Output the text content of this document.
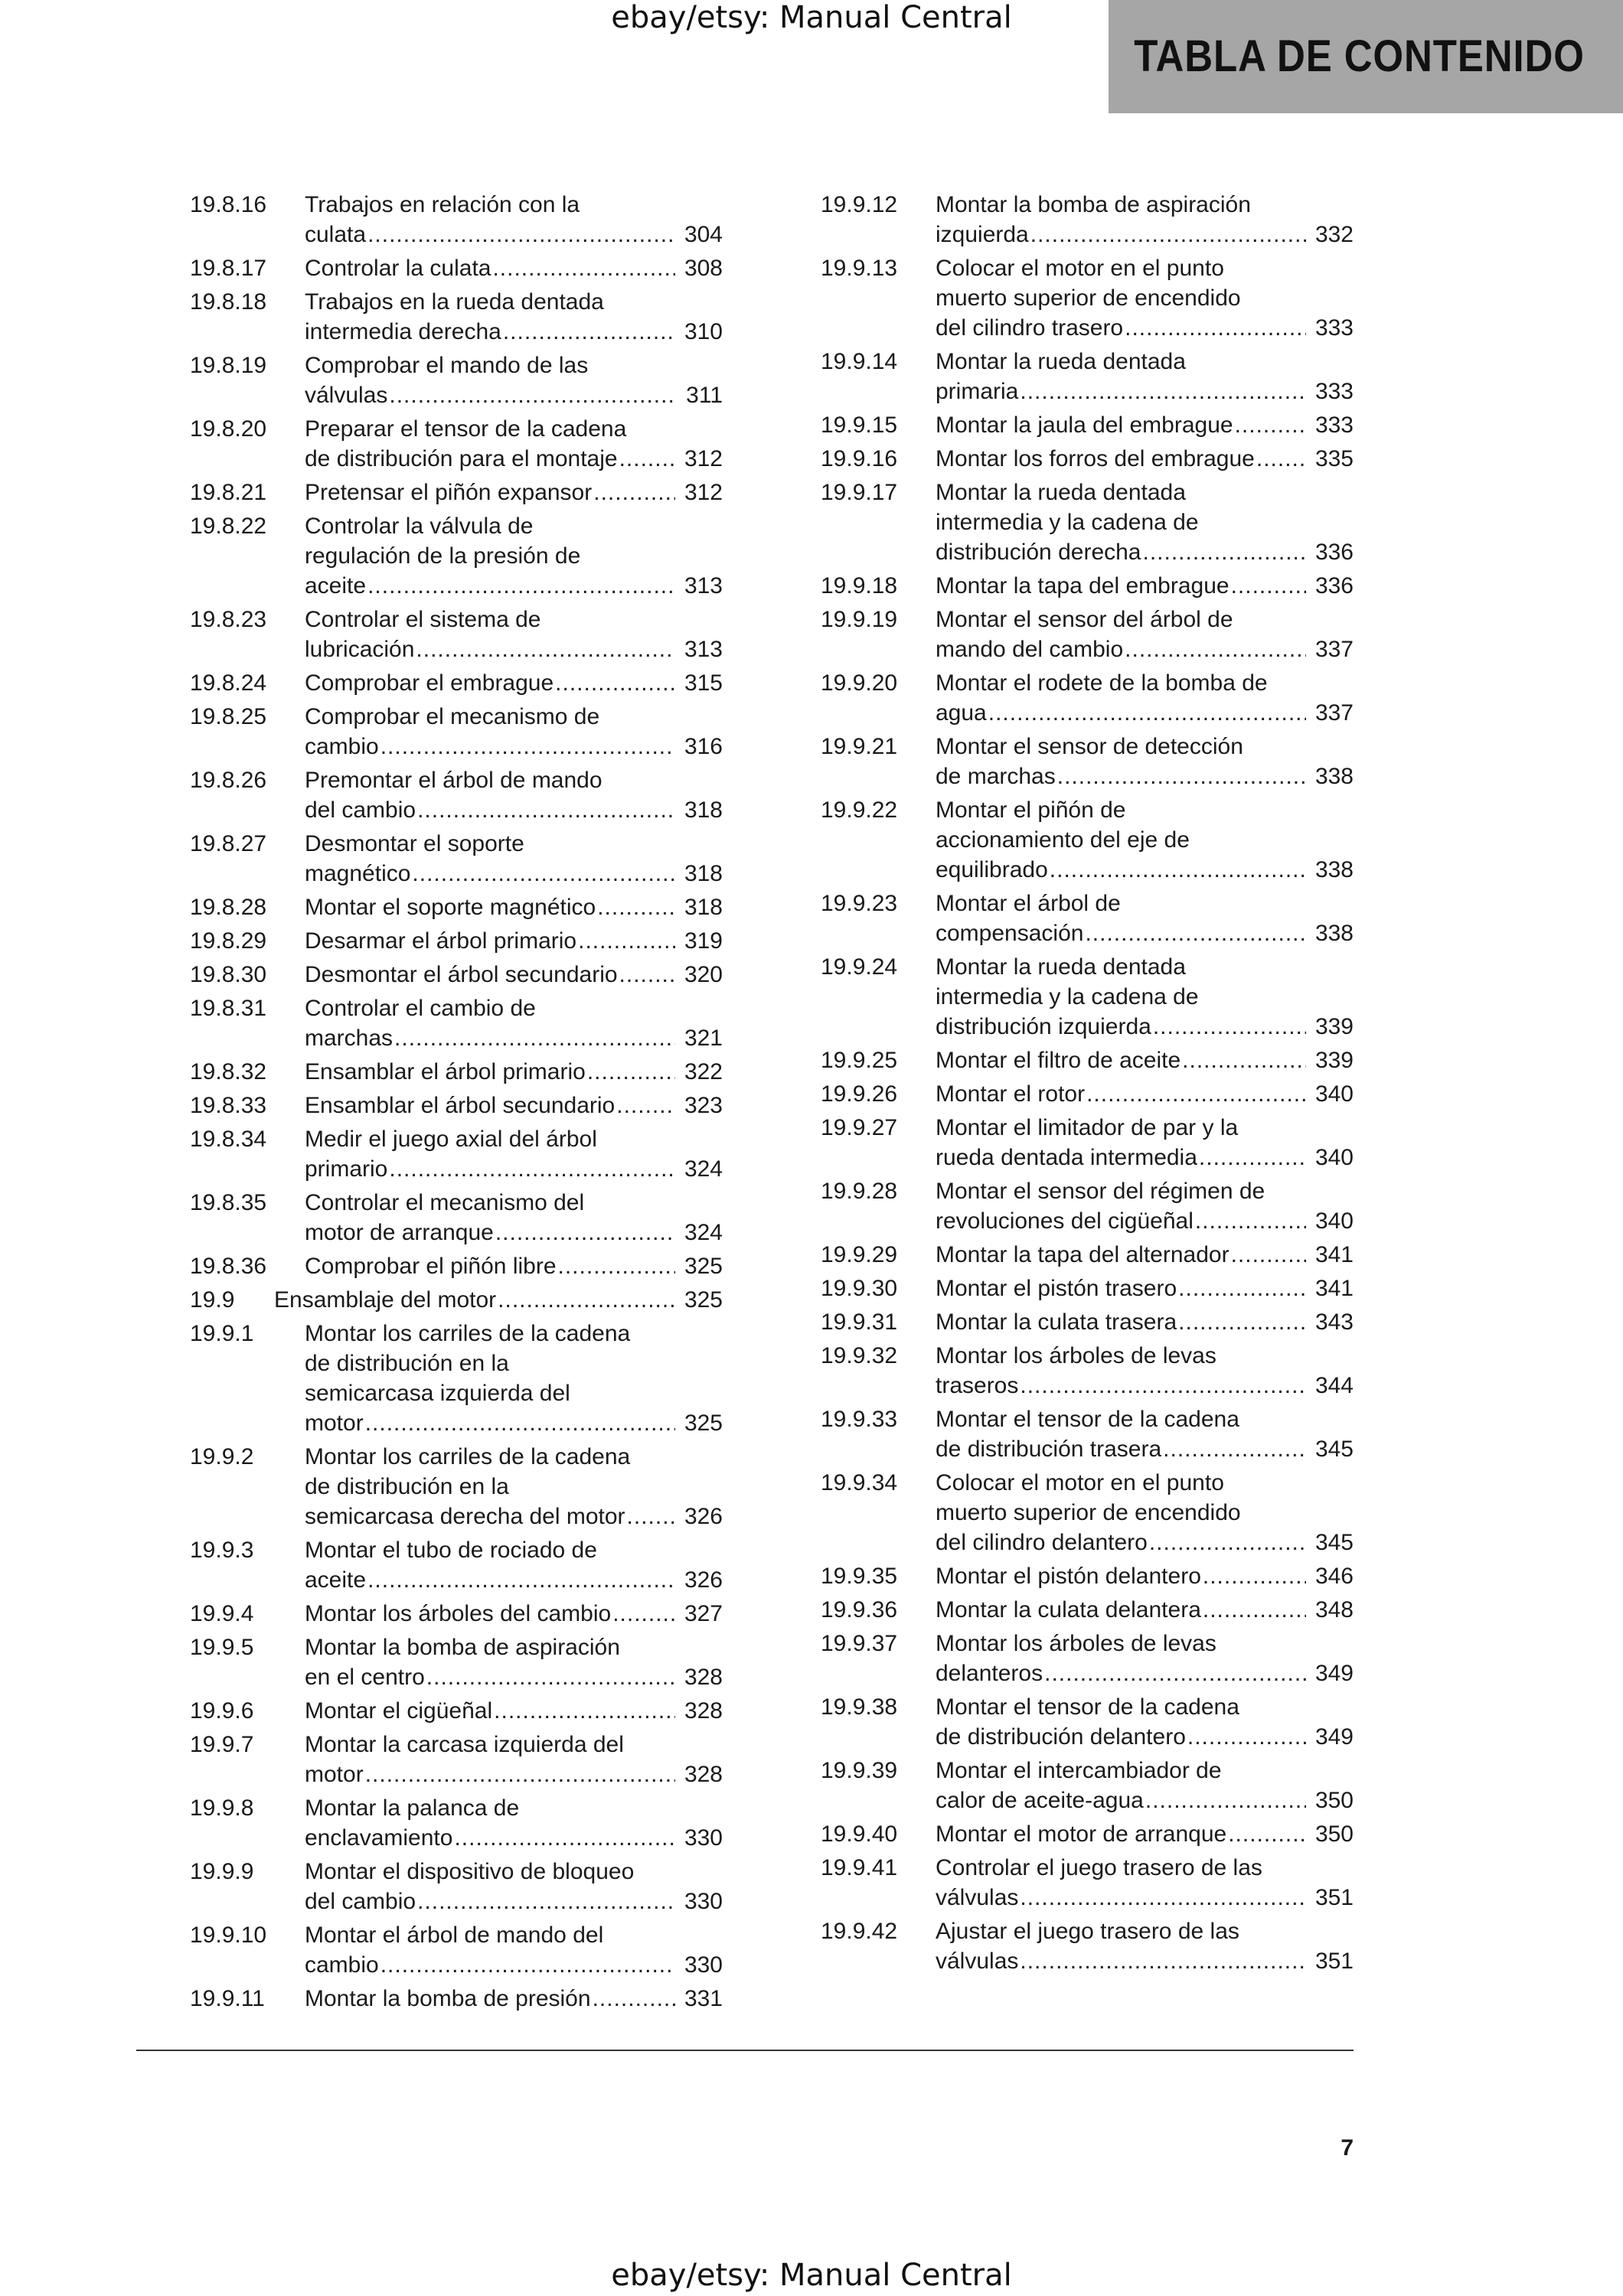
ebay/etsy: Manual Central
TABLA DE CONTENIDO
19.8.16	Trabajos en relación con la
culata .....	304
19.8.17	Controlar la culata .....	308
19.8.18	Trabajos en la rueda dentada
intermedia derecha .....	310
19.8.19	Comprobar el mando de las
válvulas .....	311
19.8.20	Preparar el tensor de la cadena
de distribución para el montaje .....	312
19.8.21	Pretensar el piñón expansor .....	312
19.8.22	Controlar la válvula de
regulación de la presión de
aceite .....	313
19.8.23	Controlar el sistema de
lubricación .....	313
19.8.24	Comprobar el embrague .....	315
19.8.25	Comprobar el mecanismo de
cambio .....	316
19.8.26	Premontar el árbol de mando
del cambio .....	318
19.8.27	Desmontar el soporte
magnético .....	318
19.8.28	Montar el soporte magnético .....	318
19.8.29	Desarmar el árbol primario .....	319
19.8.30	Desmontar el árbol secundario .....	320
19.8.31	Controlar el cambio de
marchas .....	321
19.8.32	Ensamblar el árbol primario .....	322
19.8.33	Ensamblar el árbol secundario .....	323
19.8.34	Medir el juego axial del árbol
primario .....	324
19.8.35	Controlar el mecanismo del
motor de arranque .....	324
19.8.36	Comprobar el piñón libre .....	325
19.9	Ensamblaje del motor .....	325
19.9.1	Montar los carriles de la cadena
de distribución en la
semicarcasa izquierda del
motor .....	325
19.9.2	Montar los carriles de la cadena
de distribución en la
semicarcasa derecha del motor .....	326
19.9.3	Montar el tubo de rociado de
aceite .....	326
19.9.4	Montar los árboles del cambio .....	327
19.9.5	Montar la bomba de aspiración
en el centro .....	328
19.9.6	Montar el cigüeñal .....	328
19.9.7	Montar la carcasa izquierda del
motor .....	328
19.9.8	Montar la palanca de
enclavamiento .....	330
19.9.9	Montar el dispositivo de bloqueo
del cambio .....	330
19.9.10	Montar el árbol de mando del
cambio .....	330
19.9.11	Montar la bomba de presión .....	331
19.9.12	Montar la bomba de aspiración
izquierda .....	332
19.9.13	Colocar el motor en el punto
muerto superior de encendido
del cilindro trasero .....	333
19.9.14	Montar la rueda dentada
primaria .....	333
19.9.15	Montar la jaula del embrague .....	333
19.9.16	Montar los forros del embrague .....	335
19.9.17	Montar la rueda dentada
intermedia y la cadena de
distribución derecha .....	336
19.9.18	Montar la tapa del embrague .....	336
19.9.19	Montar el sensor del árbol de
mando del cambio .....	337
19.9.20	Montar el rodete de la bomba de
agua .....	337
19.9.21	Montar el sensor de detección
de marchas .....	338
19.9.22	Montar el piñón de
accionamiento del eje de
equilibrado .....	338
19.9.23	Montar el árbol de
compensación .....	338
19.9.24	Montar la rueda dentada
intermedia y la cadena de
distribución izquierda .....	339
19.9.25	Montar el filtro de aceite .....	339
19.9.26	Montar el rotor .....	340
19.9.27	Montar el limitador de par y la
rueda dentada intermedia .....	340
19.9.28	Montar el sensor del régimen de
revoluciones del cigüeñal .....	340
19.9.29	Montar la tapa del alternador .....	341
19.9.30	Montar el pistón trasero .....	341
19.9.31	Montar la culata trasera .....	343
19.9.32	Montar los árboles de levas
traseros .....	344
19.9.33	Montar el tensor de la cadena
de distribución trasera .....	345
19.9.34	Colocar el motor en el punto
muerto superior de encendido
del cilindro delantero .....	345
19.9.35	Montar el pistón delantero .....	346
19.9.36	Montar la culata delantera .....	348
19.9.37	Montar los árboles de levas
delanteros .....	349
19.9.38	Montar el tensor de la cadena
de distribución delantero .....	349
19.9.39	Montar el intercambiador de
calor de aceite-agua .....	350
19.9.40	Montar el motor de arranque .....	350
19.9.41	Controlar el juego trasero de las
válvulas .....	351
19.9.42	Ajustar el juego trasero de las
válvulas .....	351
7
ebay/etsy: Manual Central
